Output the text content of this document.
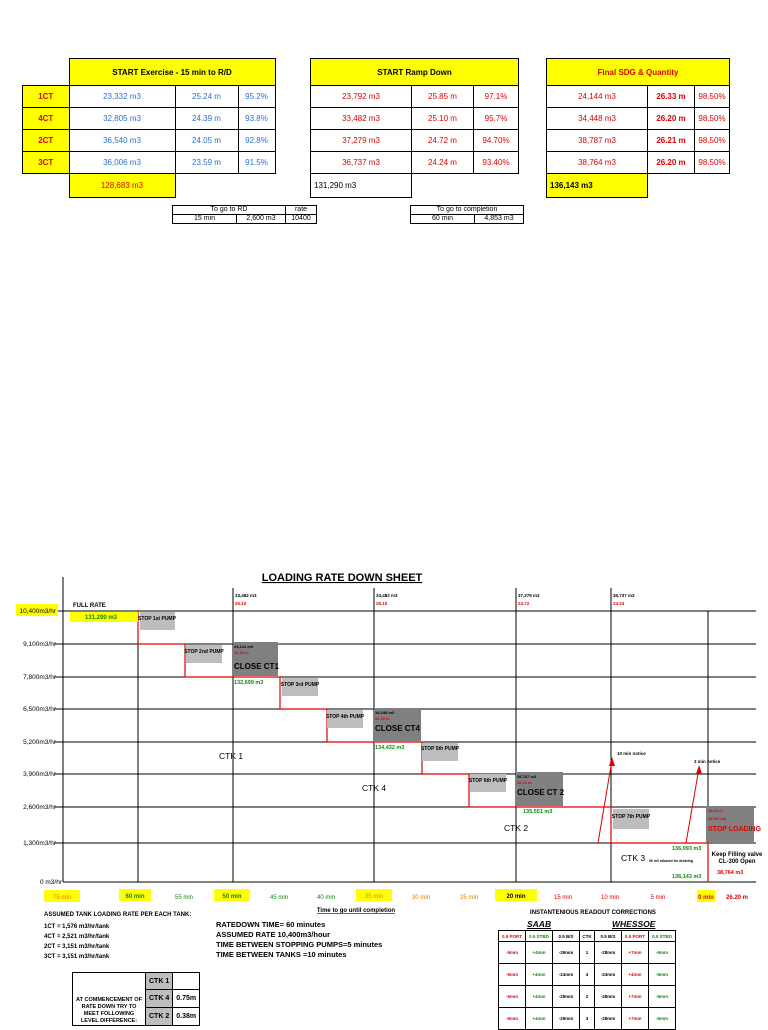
	START Exercise - 15 min to R/D		
1CT	23,332 m3	25.24 m	95.2%
4CT	32,805 m3	24.39 m	93.8%
2CT	36,540 m3	24.05 m	92.8%
3CT	36,006 m3	23.59 m	91.5%
	128,683 m3		
START Ramp Down		
23,792 m3	25.85 m	97.1%
33,482 m3	25.10 m	95.7%
37,279 m3	24.72 m	94.70%
36,737 m3	24.24 m	93.40%
131,290 m3		
Final SDG & Quantity		
24,144 m3	26.33 m	98.50%
34,448 m3	26.20 m	98.50%
38,787 m3	26.21 m	98.50%
38,764 m3	26.20 m	98.50%
136,143 m3		
To go to RD		rate
15 min	2,600 m3	10400
To go to completion
60 min	4,853 m3
LOADING RATE DOWN SHEET
10,400m3/hr
9,100m3/hr
7,800m3/hr
6,500m3/hr
5,200m3/hr
3,900m3/hr
2,600m3/hr
1,300m3/hr
0 m3/hr
75 min	60 min	55 min	50 min	45 min	40 min	35 min	30 min	25 min	20 min	15 min	10 min	5 min	0 min 26.20 m
Time to go until completion
FULL RATE
131,290 m3
33,482 m3
25.10
33,482 m3
25.10
37,279 m3
24.72
36,737 m3
24.24
STOP 1st PUMP
STOP 2nd PUMP
STOP 3rd PUMP
STOP 4th PUMP
STOP 5th PUMP
STOP 6th PUMP
STOP 7th PUMP
24,144 m3
26.33 m
CLOSE CT1
132,699 m3
34,448 m3
26.20 m
CLOSE CT4
134,432 m3
38,787 m3
26.21 m
CLOSE CT 2
135,551 m3	38.20 m
38764 m3
STOP LOADING
CTK 1
CTK 4
CTK 2
CTK 3
10 min notice
3 min notice
50 m3 allowed for draining
136,093 m3
136,143 m3
38,764 m3
Keep Filling valve CL-300 Open
ASSUMED TANK LOADING RATE PER EACH TANK:
1CT = 1,576 m3/hr/tank
4CT = 2,521 m3/hr/tank
2CT = 3,151 m3/hr/tank
3CT = 3,151 m3/hr/tank
RATEDOWN TIME= 60 minutes
ASSUMED RATE 10,400m3/hour
TIME BETWEEN STOPPING PUMPS=5 minutes
TIME BETWEEN TANKS =10 minutes
INSTANTENIOUS READOUT CORRECTIONS
SAAB	WHESSOE
0.5 PORT	0.5 STBD	0.5 B/S	CTK	0.5 B/S	0.5 PORT	0.5 STBD
-5mm	+4mm	-29mm	1	-28mm	+7mm	-6mm
-5mm	+4mm	-24mm	4	-24mm	+4mm	-6mm
-5mm	+4mm	-29mm	2	-28mm	+7mm	-6mm
-5mm	+4mm	-29mm	3	-28mm	+7mm	-6mm
AT COMMENCEMENT OF RATE DOWN TRY TO MEET FOLLOWING LEVEL DIFFERENCE:	CTK 1	
	CTK 4	0.75m
	CTK 2	0.38m
